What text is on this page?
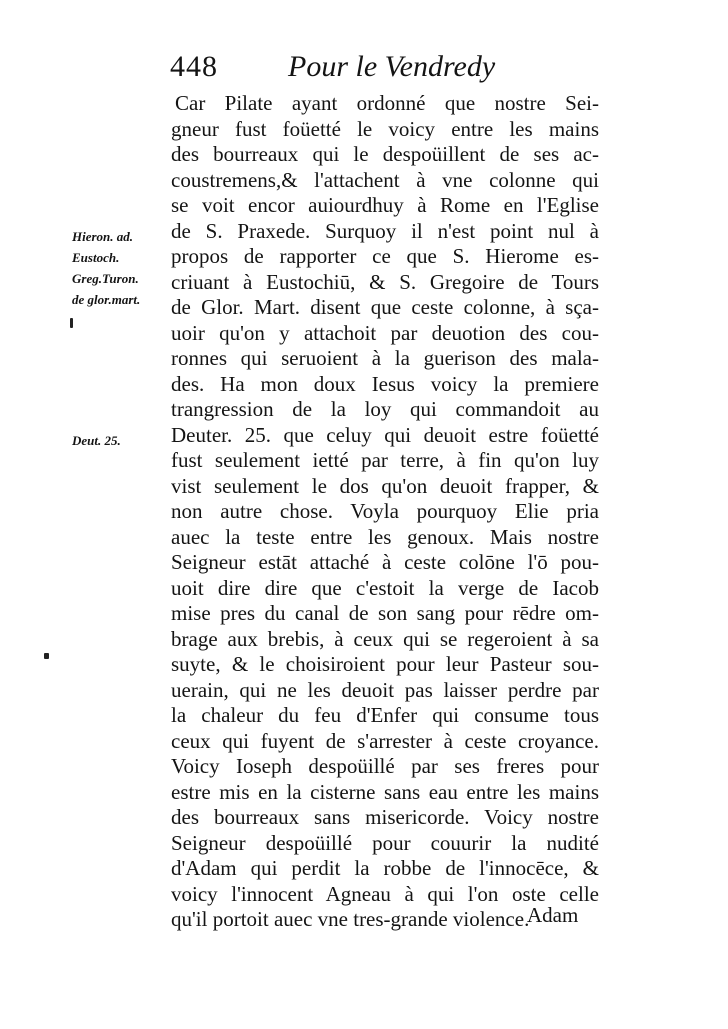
448 Pour le Vendredy
Hieron. ad.
Eustoch.
Greg.Turon.
de glor.mart.
Deut. 25.
Car Pilate ayant ordonné que nostre Sei-
gneur fust foüetté le voicy entre les mains
des bourreaux qui le despoüillent de ses ac-
coustremens,& l'attachent à vne colonne qui
se voit encor auiourdhuy à Rome en l'Eglise
de S. Praxede. Surquoy il n'est point nul à
propos de rapporter ce que S. Hierome es-
criuant à Eustochiū, & S. Gregoire de Tours
de Glor. Mart. disent que ceste colonne, à sça-
uoir qu'on y attachoit par deuotion des cou-
ronnes qui seruoient à la guerison des mala-
des. Ha mon doux Iesus voicy la premiere
trangression de la loy qui commandoit au
Deuter. 25. que celuy qui deuoit estre foüetté
fust seulement ietté par terre, à fin qu'on luy
vist seulement le dos qu'on deuoit frapper, &
non autre chose. Voyla pourquoy Elie pria
auec la teste entre les genoux. Mais nostre
Seigneur estāt attaché à ceste colōne l'ō pou-
uoit dire dire que c'estoit la verge de Iacob
mise pres du canal de son sang pour rēdre om-
brage aux brebis, à ceux qui se regeroient à sa
suyte, & le choisiroient pour leur Pasteur sou-
uerain, qui ne les deuoit pas laisser perdre par
la chaleur du feu d'Enfer qui consume tous
ceux qui fuyent de s'arrester à ceste croyance.
Voicy Ioseph despoüillé par ses freres pour
estre mis en la cisterne sans eau entre les mains
des bourreaux sans misericorde. Voicy nostre
Seigneur despoüillé pour couurir la nudité
d'Adam qui perdit la robbe de l'innocēce, &
voicy l'innocent Agneau à qui l'on oste celle
qu'il portoit auec vne tres-grande violence.
Adam
